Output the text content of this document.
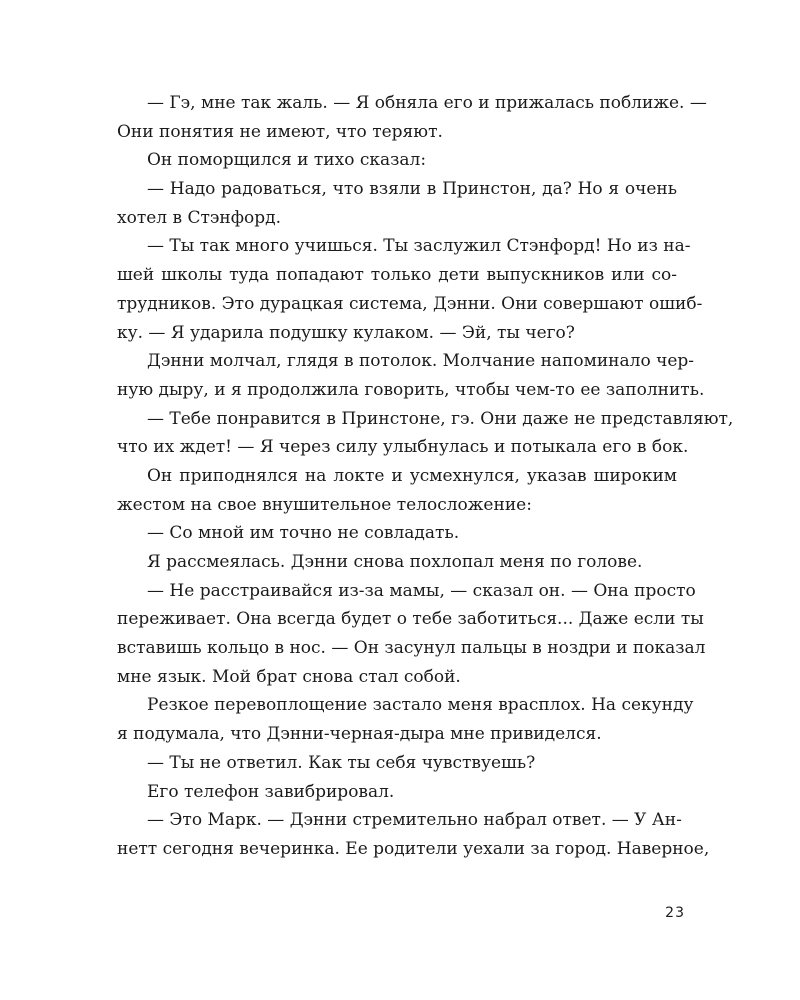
— Гэ, мне так жаль. — Я обняла его и прижалась поближе. —
Они понятия не имеют, что теряют.
Он поморщился и тихо сказал:
— Надо радоваться, что взяли в Принстон, да? Но я очень
хотел в Стэнфорд.
— Ты так много учишься. Ты заслужил Стэнфорд! Но из на-
шей школы туда попадают только дети выпускников или со-
трудников. Это дурацкая система, Дэнни. Они совершают ошиб-
ку. — Я ударила подушку кулаком. — Эй, ты чего?
Дэнни молчал, глядя в потолок. Молчание напоминало чер-
ную дыру, и я продолжила говорить, чтобы чем-то ее заполнить.
— Тебе понравится в Принстоне, гэ. Они даже не представляют,
что их ждет! — Я через силу улыбнулась и потыкала его в бок.
Он приподнялся на локте и усмехнулся, указав широким
жестом на свое внушительное телосложение:
— Со мной им точно не совладать.
Я рассмеялась. Дэнни снова похлопал меня по голове.
— Не расстраивайся из-за мамы, — сказал он. — Она просто
переживает. Она всегда будет о тебе заботиться... Даже если ты
вставишь кольцо в нос. — Он засунул пальцы в ноздри и показал
мне язык. Мой брат снова стал собой.
Резкое перевоплощение застало меня врасплох. На секунду
я подумала, что Дэнни-черная-дыра мне привиделся.
— Ты не ответил. Как ты себя чувствуешь?
Его телефон завибрировал.
— Это Марк. — Дэнни стремительно набрал ответ. — У Ан-
нетт сегодня вечеринка. Ее родители уехали за город. Наверное,
23
